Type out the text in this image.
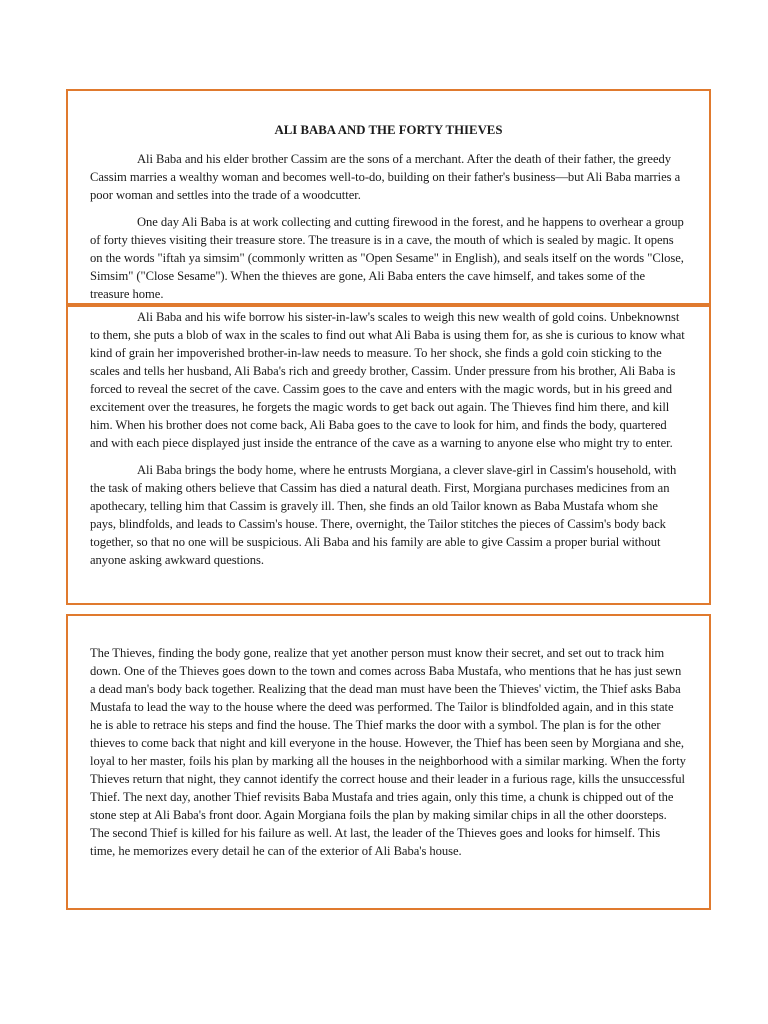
ALI BABA AND THE FORTY THIEVES

Ali Baba and his elder brother Cassim are the sons of a merchant. After the death of their father, the greedy Cassim marries a wealthy woman and becomes well-to-do, building on their father's business—but Ali Baba marries a poor woman and settles into the trade of a woodcutter.

One day Ali Baba is at work collecting and cutting firewood in the forest, and he happens to overhear a group of forty thieves visiting their treasure store. The treasure is in a cave, the mouth of which is sealed by magic. It opens on the words "iftah ya simsim" (commonly written as "Open Sesame" in English), and seals itself on the words "Close, Simsim" ("Close Sesame"). When the thieves are gone, Ali Baba enters the cave himself, and takes some of the treasure home.

Ali Baba and his wife borrow his sister-in-law's scales to weigh this new wealth of gold coins. Unbeknownst to them, she puts a blob of wax in the scales to find out what Ali Baba is using them for, as she is curious to know what kind of grain her impoverished brother-in-law needs to measure. To her shock, she finds a gold coin sticking to the scales and tells her husband, Ali Baba's rich and greedy brother, Cassim. Under pressure from his brother, Ali Baba is forced to reveal the secret of the cave. Cassim goes to the cave and enters with the magic words, but in his greed and excitement over the treasures, he forgets the magic words to get back out again. The Thieves find him there, and kill him. When his brother does not come back, Ali Baba goes to the cave to look for him, and finds the body, quartered and with each piece displayed just inside the entrance of the cave as a warning to anyone else who might try to enter.

Ali Baba brings the body home, where he entrusts Morgiana, a clever slave-girl in Cassim's household, with the task of making others believe that Cassim has died a natural death. First, Morgiana purchases medicines from an apothecary, telling him that Cassim is gravely ill. Then, she finds an old Tailor known as Baba Mustafa whom she pays, blindfolds, and leads to Cassim's house. There, overnight, the Tailor stitches the pieces of Cassim's body back together, so that no one will be suspicious. Ali Baba and his family are able to give Cassim a proper burial without anyone asking awkward questions.

The Thieves, finding the body gone, realize that yet another person must know their secret, and set out to track him down. One of the Thieves goes down to the town and comes across Baba Mustafa, who mentions that he has just sewn a dead man's body back together. Realizing that the dead man must have been the Thieves' victim, the Thief asks Baba Mustafa to lead the way to the house where the deed was performed. The Tailor is blindfolded again, and in this state he is able to retrace his steps and find the house. The Thief marks the door with a symbol. The plan is for the other thieves to come back that night and kill everyone in the house. However, the Thief has been seen by Morgiana and she, loyal to her master, foils his plan by marking all the houses in the neighborhood with a similar marking. When the forty Thieves return that night, they cannot identify the correct house and their leader in a furious rage, kills the unsuccessful Thief. The next day, another Thief revisits Baba Mustafa and tries again, only this time, a chunk is chipped out of the stone step at Ali Baba's front door. Again Morgiana foils the plan by making similar chips in all the other doorsteps. The second Thief is killed for his failure as well. At last, the leader of the Thieves goes and looks for himself. This time, he memorizes every detail he can of the exterior of Ali Baba's house.
